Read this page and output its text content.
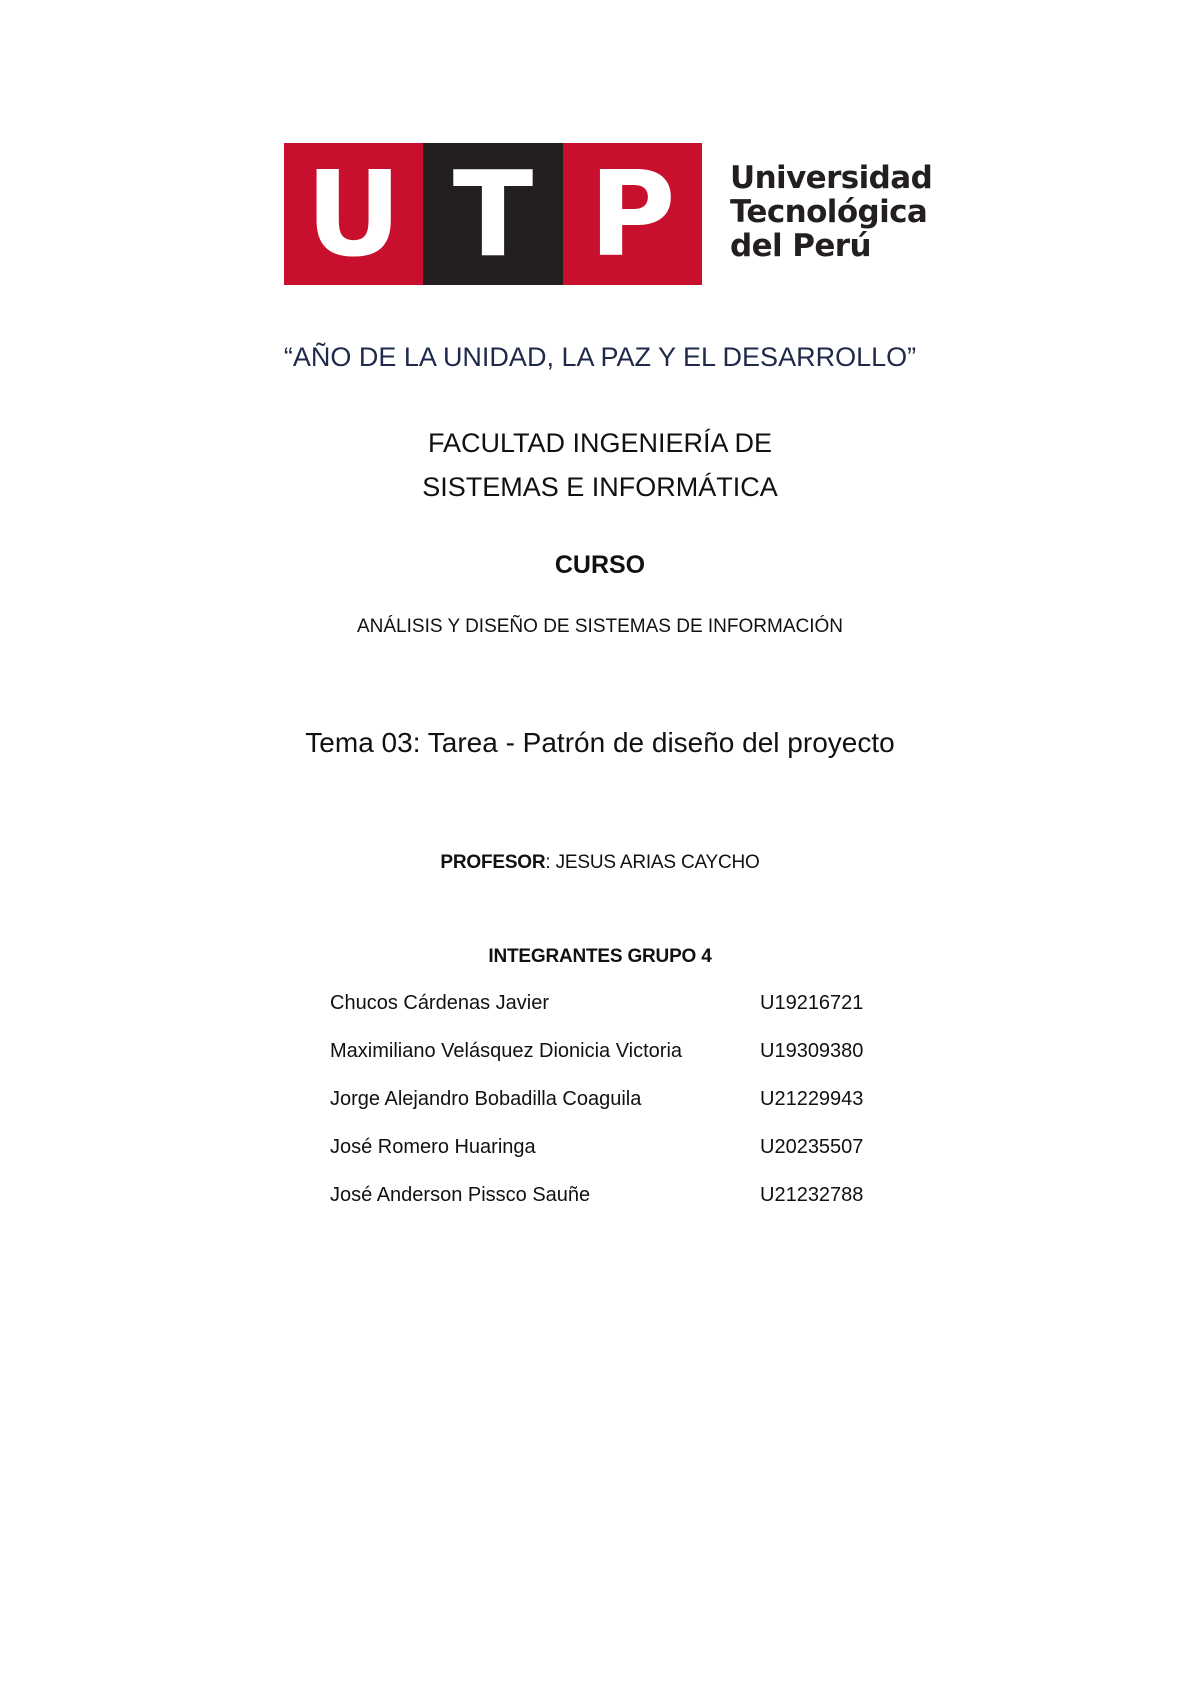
U T P	Universidad
Tecnológica
del Perú
“AÑO DE LA UNIDAD, LA PAZ Y EL DESARROLLO”
FACULTAD INGENIERÍA DE
SISTEMAS E INFORMÁTICA
CURSO
ANÁLISIS Y DISEÑO DE SISTEMAS DE INFORMACIÓN
Tema 03: Tarea - Patrón de diseño del proyecto
PROFESOR: JESUS ARIAS CAYCHO
INTEGRANTES GRUPO 4
Chucos Cárdenas Javier	U19216721
Maximiliano Velásquez Dionicia Victoria	U19309380
Jorge Alejandro Bobadilla Coaguila	U21229943
José Romero Huaringa	U20235507
José Anderson Pissco Sauñe	U21232788
